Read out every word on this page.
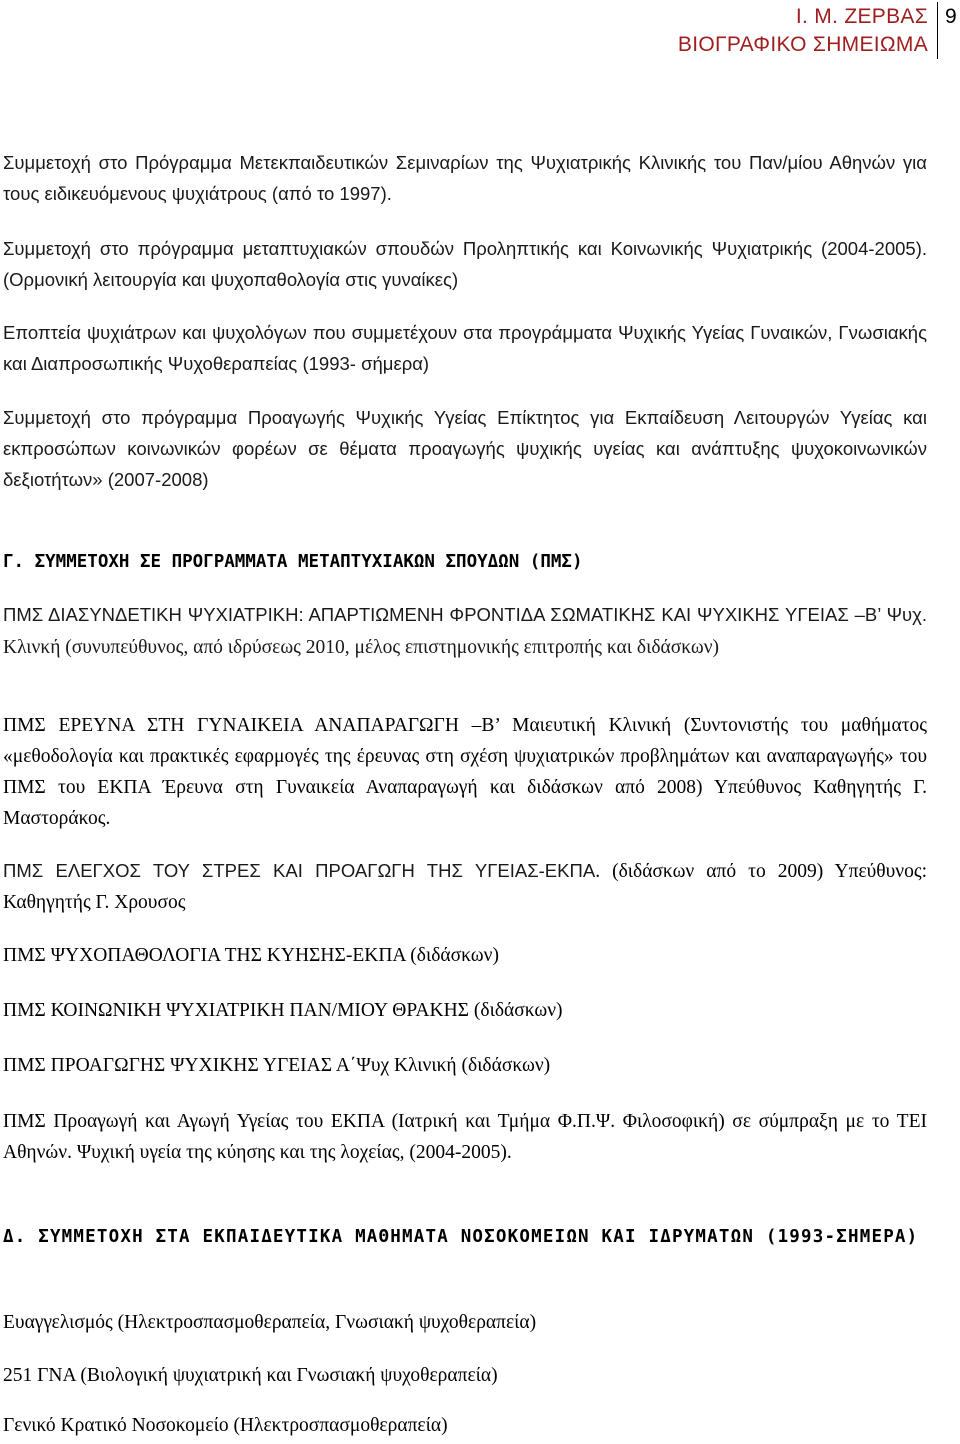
Ι. Μ. ΖΕΡΒΑΣ
ΒΙΟΓΡΑΦΙΚΟ ΣΗΜΕΙΩΜΑ
9

Συμμετοχή στο Πρόγραμμα Μετεκπαιδευτικών Σεμιναρίων της Ψυχιατρικής Κλινικής του Παν/μίου Αθηνών για τους ειδικευόμενους ψυχιάτρους (από το 1997).

Συμμετοχή στο πρόγραμμα μεταπτυχιακών σπουδών Προληπτικής και Κοινωνικής Ψυχιατρικής (2004-2005). (Ορμονική λειτουργία και ψυχοπαθολογία στις γυναίκες)

Εποπτεία ψυχιάτρων και ψυχολόγων που συμμετέχουν στα προγράμματα Ψυχικής Υγείας Γυναικών, Γνωσιακής και Διαπροσωπικής Ψυχοθεραπείας (1993- σήμερα)

Συμμετοχή στο πρόγραμμα Προαγωγής Ψυχικής Υγείας Επίκτητος για Εκπαίδευση Λειτουργών Υγείας και εκπροσώπων κοινωνικών φορέων σε θέματα προαγωγής ψυχικής υγείας και ανάπτυξης ψυχοκοινωνικών δεξιοτήτων» (2007-2008)

Γ. ΣΥΜΜΕΤΟΧΗ ΣΕ ΠΡΟΓΡΑΜΜΑΤΑ ΜΕΤΑΠΤΥΧΙΑΚΩΝ ΣΠΟΥΔΩΝ (ΠΜΣ)

ΠΜΣ ΔΙΑΣΥΝΔΕΤΙΚΗ ΨΥΧΙΑΤΡΙΚΗ: ΑΠΑΡΤΙΩΜΕΝΗ ΦΡΟΝΤΙΔΑ ΣΩΜΑΤΙΚΗΣ ΚΑΙ ΨΥΧΙΚΗΣ ΥΓΕΙΑΣ –Β’ Ψυχ. Κλινκή (συνυπεύθυνος, από ιδρύσεως 2010, μέλος επιστημονικής επιτροπής και διδάσκων)

ΠΜΣ ΕΡΕΥΝΑ ΣΤΗ ΓΥΝΑΙΚΕΙΑ ΑΝΑΠΑΡΑΓΩΓΗ –Β’ Μαιευτική Κλινική (Συντονιστής του μαθήματος «μεθοδολογία και πρακτικές εφαρμογές της έρευνας στη σχέση ψυχιατρικών προβλημάτων και αναπαραγωγής» του ΠΜΣ του ΕΚΠΑ Έρευνα στη Γυναικεία Αναπαραγωγή και διδάσκων από 2008) Υπεύθυνος Καθηγητής Γ. Μαστοράκος.

ΠΜΣ ΕΛΕΓΧΟΣ ΤΟΥ ΣΤΡΕΣ ΚΑΙ ΠΡΟΑΓΩΓΗ ΤΗΣ ΥΓΕΙΑΣ-ΕΚΠΑ. (διδάσκων από το 2009) Υπεύθυνος: Καθηγητής Γ. Χρουσος

ΠΜΣ ΨΥΧΟΠΑΘΟΛΟΓΙΑ ΤΗΣ ΚΥΗΣΗΣ-ΕΚΠΑ (διδάσκων)

ΠΜΣ ΚΟΙΝΩΝΙΚΗ ΨΥΧΙΑΤΡΙΚΗ ΠΑΝ/ΜΙΟΥ ΘΡΑΚΗΣ (διδάσκων)

ΠΜΣ ΠΡΟΑΓΩΓΗΣ ΨΥΧΙΚΗΣ ΥΓΕΙΑΣ Α΄Ψυχ Κλινική (διδάσκων)

ΠΜΣ Προαγωγή και Αγωγή Υγείας του ΕΚΠΑ (Ιατρική και Τμήμα Φ.Π.Ψ. Φιλοσοφική) σε σύμπραξη με το ΤΕΙ Αθηνών. Ψυχική υγεία της κύησης και της λοχείας, (2004-2005).

Δ. ΣΥΜΜΕΤΟΧΗ ΣΤΑ ΕΚΠΑΙΔΕΥΤΙΚΑ ΜΑΘΗΜΑΤΑ ΝΟΣΟΚΟΜΕΙΩΝ ΚΑΙ ΙΔΡΥΜΑΤΩΝ (1993-ΣΗΜΕΡΑ)

Ευαγγελισμός (Ηλεκτροσπασμοθεραπεία, Γνωσιακή ψυχοθεραπεία)

251 ΓΝΑ (Βιολογική ψυχιατρική και Γνωσιακή ψυχοθεραπεία)

Γενικό Κρατικό Νοσοκομείο (Ηλεκτροσπασμοθεραπεία)
